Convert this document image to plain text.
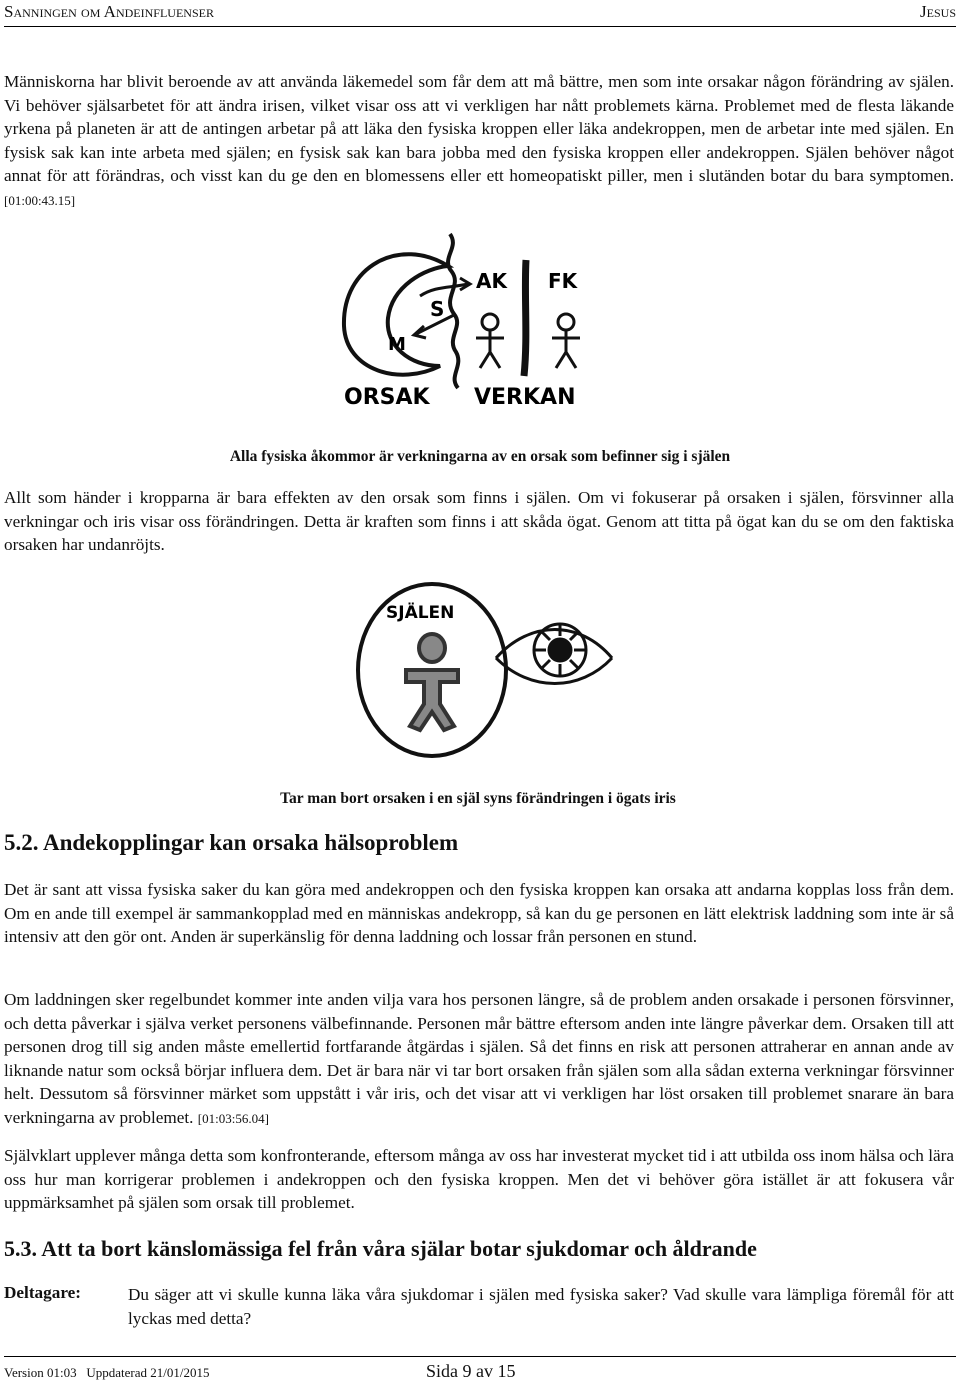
Sanningen om Andeinfluenser	Jesus

Människorna har blivit beroende av att använda läkemedel som får dem att må bättre, men som inte orsakar någon förändring av själen. Vi behöver själsarbetet för att ändra irisen, vilket visar oss att vi verkligen har nått problemets kärna. Problemet med de flesta läkande yrkena på planeten är att de antingen arbetar på att läka den fysiska kroppen eller läka andekroppen, men de arbetar inte med själen. En fysisk sak kan inte arbeta med själen; en fysisk sak kan bara jobba med den fysiska kroppen eller andekroppen. Själen behöver något annat för att förändras, och visst kan du ge den en blomessens eller ett homeopatiskt piller, men i slutänden botar du bara symptomen. [01:00:43.15]

M
S
AK FK
ORSAK VERKAN
Alla fysiska åkommor är verkningarna av en orsak som befinner sig i själen

Allt som händer i kropparna är bara effekten av den orsak som finns i själen. Om vi fokuserar på orsaken i själen, försvinner alla verkningar och iris visar oss förändringen. Detta är kraften som finns i att skåda ögat. Genom att titta på ögat kan du se om den faktiska orsaken har undanröjts.

SJÄLEN
Tar man bort orsaken i en själ syns förändringen i ögats iris
5.2. Andekopplingar kan orsaka hälsoproblem

Det är sant att vissa fysiska saker du kan göra med andekroppen och den fysiska kroppen kan orsaka att andarna kopplas loss från dem. Om en ande till exempel är sammankopplad med en människas andekropp, så kan du ge personen en lätt elektrisk laddning som inte är så intensiv att den gör ont. Anden är superkänslig för denna laddning och lossar från personen en stund.

Om laddningen sker regelbundet kommer inte anden vilja vara hos personen längre, så de problem anden orsakade i personen försvinner, och detta påverkar i själva verket personens välbefinnande. Personen mår bättre eftersom anden inte längre påverkar dem. Orsaken till att personen drog till sig anden måste emellertid fortfarande åtgärdas i själen. Så det finns en risk att personen attraherar en annan ande av liknande natur som också börjar influera dem. Det är bara när vi tar bort orsaken från själen som alla sådan externa verkningar försvinner helt. Dessutom så försvinner märket som uppstått i vår iris, och det visar att vi verkligen har löst orsaken till problemet snarare än bara verkningarna av problemet. [01:03:56.04]

Självklart upplever många detta som konfronterande, eftersom många av oss har investerat mycket tid i att utbilda oss inom hälsa och lära oss hur man korrigerar problemen i andekroppen och den fysiska kroppen. Men det vi behöver göra istället är att fokusera vår uppmärksamhet på själen som orsak till problemet.

5.3. Att ta bort känslomässiga fel från våra själar botar sjukdomar och åldrande
Deltagare:	Du säger att vi skulle kunna läka våra sjukdomar i själen med fysiska saker? Vad skulle vara lämpliga föremål för att lyckas med detta?

Version 01:03   Uppdaterad 21/01/2015	Sida 9 av 15
